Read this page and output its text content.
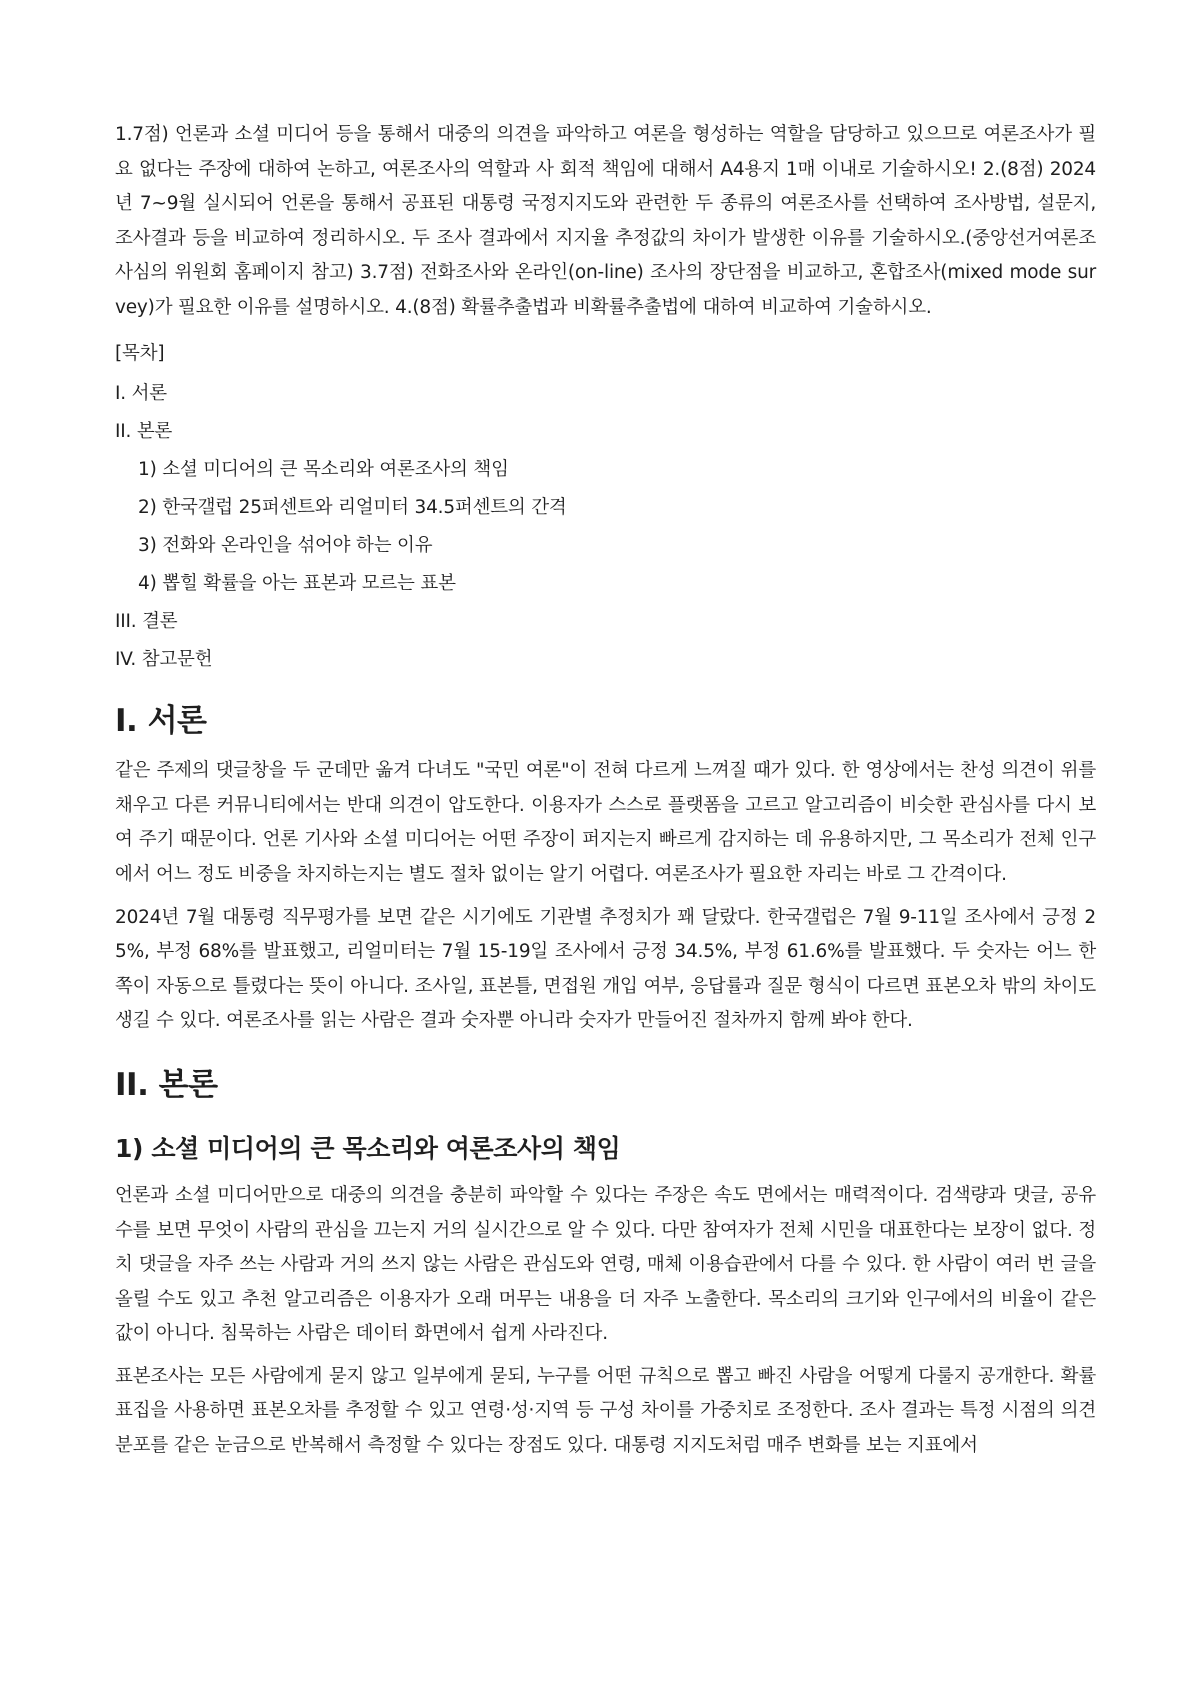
1.7점) 언론과 소셜 미디어 등을 통해서 대중의 의견을 파악하고 여론을 형성하는 역할을 담당하고 있으므로 여론조사가 필요 없다는 주장에 대하여 논하고, 여론조사의 역할과 사 회적 책임에 대해서 A4용지 1매 이내로 기술하시오! 2.(8점) 2024년 7~9월 실시되어 언론을 통해서 공표된 대통령 국정지지도와 관련한 두 종류의 여론조사를 선택하여 조사방법, 설문지, 조사결과 등을 비교하여 정리하시오. 두 조사 결과에서 지지율 추정값의 차이가 발생한 이유를 기술하시오.(중앙선거여론조사심의 위원회 홈페이지 참고) 3.7점) 전화조사와 온라인(on-line) 조사의 장단점을 비교하고, 혼합조사(mixed mode survey)가 필요한 이유를 설명하시오. 4.(8점) 확률추출법과 비확률추출법에 대하여 비교하여 기술하시오.

[목차]

I. 서론
II. 본론
1) 소셜 미디어의 큰 목소리와 여론조사의 책임
2) 한국갤럽 25퍼센트와 리얼미터 34.5퍼센트의 간격
3) 전화와 온라인을 섞어야 하는 이유
4) 뽑힐 확률을 아는 표본과 모르는 표본
III. 결론
IV. 참고문헌
I. 서론

같은 주제의 댓글창을 두 군데만 옮겨 다녀도 "국민 여론"이 전혀 다르게 느껴질 때가 있다. 한 영상에서는 찬성 의견이 위를 채우고 다른 커뮤니티에서는 반대 의견이 압도한다. 이용자가 스스로 플랫폼을 고르고 알고리즘이 비슷한 관심사를 다시 보여 주기 때문이다. 언론 기사와 소셜 미디어는 어떤 주장이 퍼지는지 빠르게 감지하는 데 유용하지만, 그 목소리가 전체 인구에서 어느 정도 비중을 차지하는지는 별도 절차 없이는 알기 어렵다. 여론조사가 필요한 자리는 바로 그 간격이다.

2024년 7월 대통령 직무평가를 보면 같은 시기에도 기관별 추정치가 꽤 달랐다. 한국갤럽은 7월 9-11일 조사에서 긍정 25%, 부정 68%를 발표했고, 리얼미터는 7월 15-19일 조사에서 긍정 34.5%, 부정 61.6%를 발표했다. 두 숫자는 어느 한쪽이 자동으로 틀렸다는 뜻이 아니다. 조사일, 표본틀, 면접원 개입 여부, 응답률과 질문 형식이 다르면 표본오차 밖의 차이도 생길 수 있다. 여론조사를 읽는 사람은 결과 숫자뿐 아니라 숫자가 만들어진 절차까지 함께 봐야 한다.

II. 본론
1) 소셜 미디어의 큰 목소리와 여론조사의 책임

언론과 소셜 미디어만으로 대중의 의견을 충분히 파악할 수 있다는 주장은 속도 면에서는 매력적이다. 검색량과 댓글, 공유 수를 보면 무엇이 사람의 관심을 끄는지 거의 실시간으로 알 수 있다. 다만 참여자가 전체 시민을 대표한다는 보장이 없다. 정치 댓글을 자주 쓰는 사람과 거의 쓰지 않는 사람은 관심도와 연령, 매체 이용습관에서 다를 수 있다. 한 사람이 여러 번 글을 올릴 수도 있고 추천 알고리즘은 이용자가 오래 머무는 내용을 더 자주 노출한다. 목소리의 크기와 인구에서의 비율이 같은 값이 아니다. 침묵하는 사람은 데이터 화면에서 쉽게 사라진다.

표본조사는 모든 사람에게 묻지 않고 일부에게 묻되, 누구를 어떤 규칙으로 뽑고 빠진 사람을 어떻게 다룰지 공개한다. 확률표집을 사용하면 표본오차를 추정할 수 있고 연령·성·지역 등 구성 차이를 가중치로 조정한다. 조사 결과는 특정 시점의 의견 분포를 같은 눈금으로 반복해서 측정할 수 있다는 장점도 있다. 대통령 지지도처럼 매주 변화를 보는 지표에서
